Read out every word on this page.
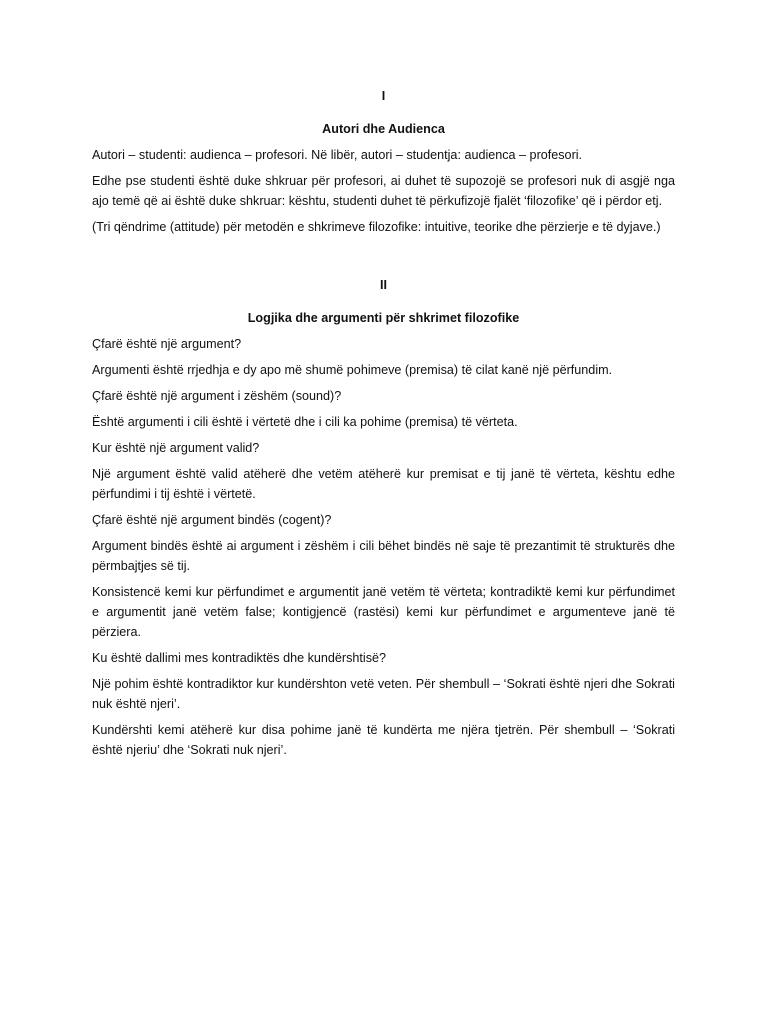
I

Autori dhe Audienca

Autori – studenti: audienca – profesori. Në libër, autori – studentja: audienca – profesori.

Edhe pse studenti është duke shkruar për profesori, ai duhet të supozojë se profesori nuk di asgjë nga ajo temë që ai është duke shkruar: kështu, studenti duhet të përkufizojë fjalët ‘filozofike’ që i përdor etj.

(Tri qëndrime (attitude) për metodën e shkrimeve filozofike: intuitive, teorike dhe përzierje e të dyjave.)

II

Logjika dhe argumenti për shkrimet filozofike

Çfarë është një argument?

Argumenti është rrjedhja e dy apo më shumë pohimeve (premisa) të cilat kanë një përfundim.

Çfarë është një argument i zëshëm (sound)?

Është argumenti i cili është i vërtetë dhe i cili ka pohime (premisa) të vërteta.

Kur është një argument valid?

Një argument është valid atëherë dhe vetëm atëherë kur premisat e tij janë të vërteta, kështu edhe përfundimi i tij është i vërtetë.

Çfarë është një argument bindës (cogent)?

Argument bindës është ai argument i zëshëm i cili bëhet bindës në saje të prezantimit të strukturës dhe përmbajtjes së tij.

Konsistencë kemi kur përfundimet e argumentit janë vetëm të vërteta; kontradiktë kemi kur përfundimet e argumentit janë vetëm false; kontigjencë (rastësi) kemi kur përfundimet e argumenteve janë të përziera.

Ku është dallimi mes kontradiktës dhe kundërshtisë?

Një pohim është kontradiktor kur kundërshton vetë veten. Për shembull – ‘Sokrati është njeri dhe Sokrati nuk është njeri’.

Kundërshti kemi atëherë kur disa pohime janë të kundërta me njëra tjetrën. Për shembull – ‘Sokrati është njeriu’ dhe ‘Sokrati nuk njeri’.
